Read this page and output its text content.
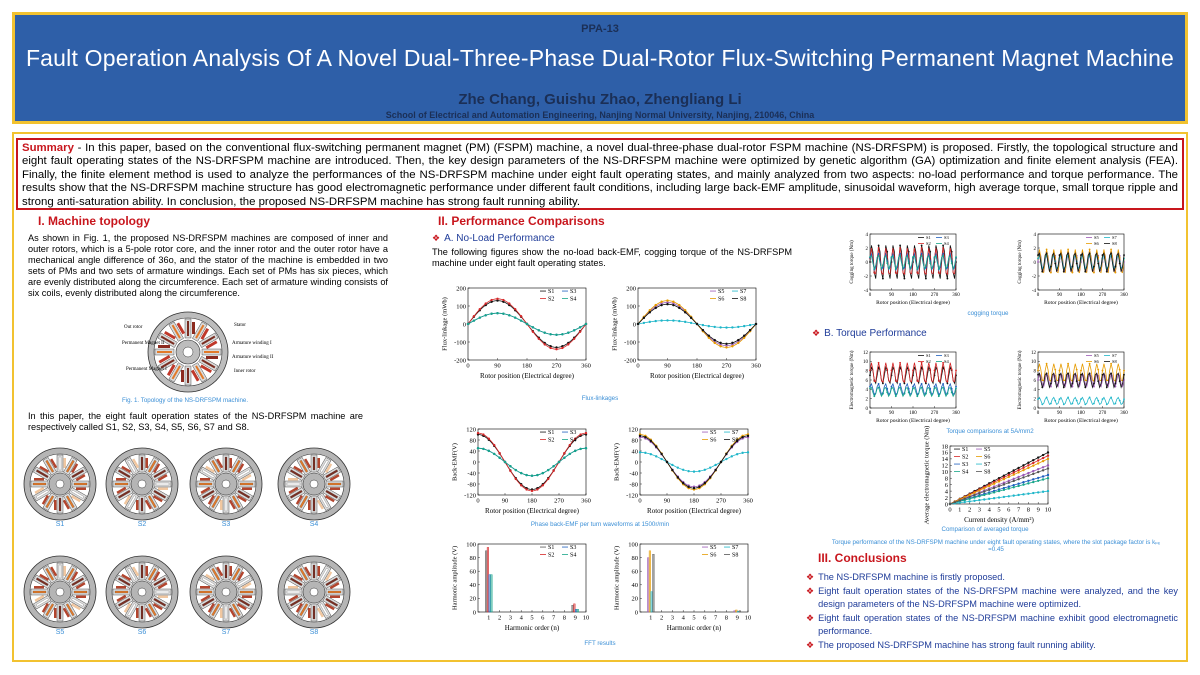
PPA-13
Fault Operation Analysis Of A Novel Dual-Three-Phase Dual-Rotor Flux-Switching Permanent Magnet Machine
Zhe Chang, Guishu Zhao, Zhengliang Li
School of Electrical and Automation Engineering, Nanjing Normal University, Nanjing, 210046, China
Summary - In this paper, based on the conventional flux-switching permanent magnet (PM) (FSPM) machine, a novel dual-three-phase dual-rotor FSPM machine (NS-DRFSPM) is proposed. Firstly, the topological structure and eight fault operating states of the NS-DRFSPM machine are introduced. Then, the key design parameters of the NS-DRFSPM machine were optimized by genetic algorithm (GA) optimization and finite element analysis (FEA). Finally, the finite element method is used to analyze the performances of the NS-DRFSPM machine under eight fault operating states, and mainly analyzed from two aspects: no-load performance and torque performance. The results show that the NS-DRFSPM machine structure has good electromagnetic performance under different fault conditions, including large back-EMF amplitude, sinusoidal waveform, high average torque, small torque ripple and strong anti-saturation ability. In conclusion, the proposed NS-DRFSPM machine has strong fault running ability.
I. Machine topology
As shown in Fig. 1, the proposed NS-DRFSPM machines are composed of inner and outer rotors, which is a 5-pole rotor core, and the inner rotor and the outer rotor have a mechanical angle difference of 36o, and the stator of the machine is embedded in two sets of PMs and two sets of armature windings. Each set of PMs has six pieces, which are evenly distributed along the circumference. Each set of armature winding consists of six coils, evenly distributed along the circumference.
Out rotor
Permanent Magnet II
Permanent Magnet I
Stator
Armature winding I
Armature winding II
Inner rotor
Fig. 1. Topology of the NS-DRFSPM machine.
In this paper, the eight fault operation states of the NS-DRFSPM machine are respectively called S1, S2, S3, S4, S5, S6, S7 and S8.
S1	S2	S3	S4
S5	S6	S7	S8
II. Performance Comparisons
❖ A. No-Load Performance
The following figures show the no-load back-EMF, cogging torque of the NS-DRFSPM machine under eight fault operating states.
Flux-linkages
Phase back-EMF per turn waveforms at 1500r/min
FFT results
cogging torque
❖ B. Torque Performance
Torque comparisons at 5A/mm2
Comparison of averaged torque
Torque performance of the NS-DRFSPM machine under eight fault operating states, where the slot package factor is kₚₑ =0.45
III. Conclusions
❖ The NS-DRFSPM machine is firstly proposed.
❖ Eight fault operation states of the NS-DRFSPM machine were analyzed, and the key design parameters of the NS-DRFSPM machine were optimized.
❖ Eight fault operation states of the NS-DRFSPM machine exhibit good electromagnetic performance.
❖ The proposed NS-DRFSPM machine has strong fault running ability.
0	90	180	270	360
-200
-100
0
100
200
Rotor position (Electrical degree)
Flux-linkage (mWb)
S1
S2
S3
S4
0	90	180	270	360
-200
-100
0
100
200
Rotor position (Electrical degree)
Flux-linkage (mWb)
S5
S6
S7
S8
0	90	180	270	360
-120
-80
-40
0
40
80
120
Rotor position (Electrical degree)
Back-EMF(V)
S1
S2
S3
S4
0	90	180	270	360
-120
-80
-40
0
40
80
120
Rotor position (Electrical degree)
Back-EMF(V)
S5
S6
S7
S8
1 2 3 4 5 6 7 8 9 10
0
20
40
60
80
100
Harmonic order (n)
Harmonic amplitude (V)	S1
S2
S3
S4
1 2 3 4 5 6 7 8 9 10
0
20
40
60
80
100
Harmonic order (n)
Harmonic amplitude (V)	S5
S6
S7
S8
0	90	180	270	360
-4
-2
0
2
4
Rotor position (Electrical degree)
Cogging torque (Nm)
S1
S2
S3
S4
0	90	180	270	360
-4
-2
0
2
4
Rotor position (Electrical degree)
Cogging torque (Nm)
S5
S6
S7
S8
0	90	180	270	360
0
2
4
6
8
10
12
Rotor position (Electrical degree)
Electromagnetic torque (Nm)	S1
S2
S3
S4
0	90	180	270	360
0
2
4
6
8
10
12
Rotor position (Electrical degree)
Electromagnetic torque (Nm)	S5
S6
S7
S8
0 1 2 3 4 5 6 7 8 9 10
0
2
4
6
8
10
12
14
16
18
Current density (A/mm²)
Average electromagnetic torque (Nm)	S1
S2
S3
S4
S5
S6
S7
S8
